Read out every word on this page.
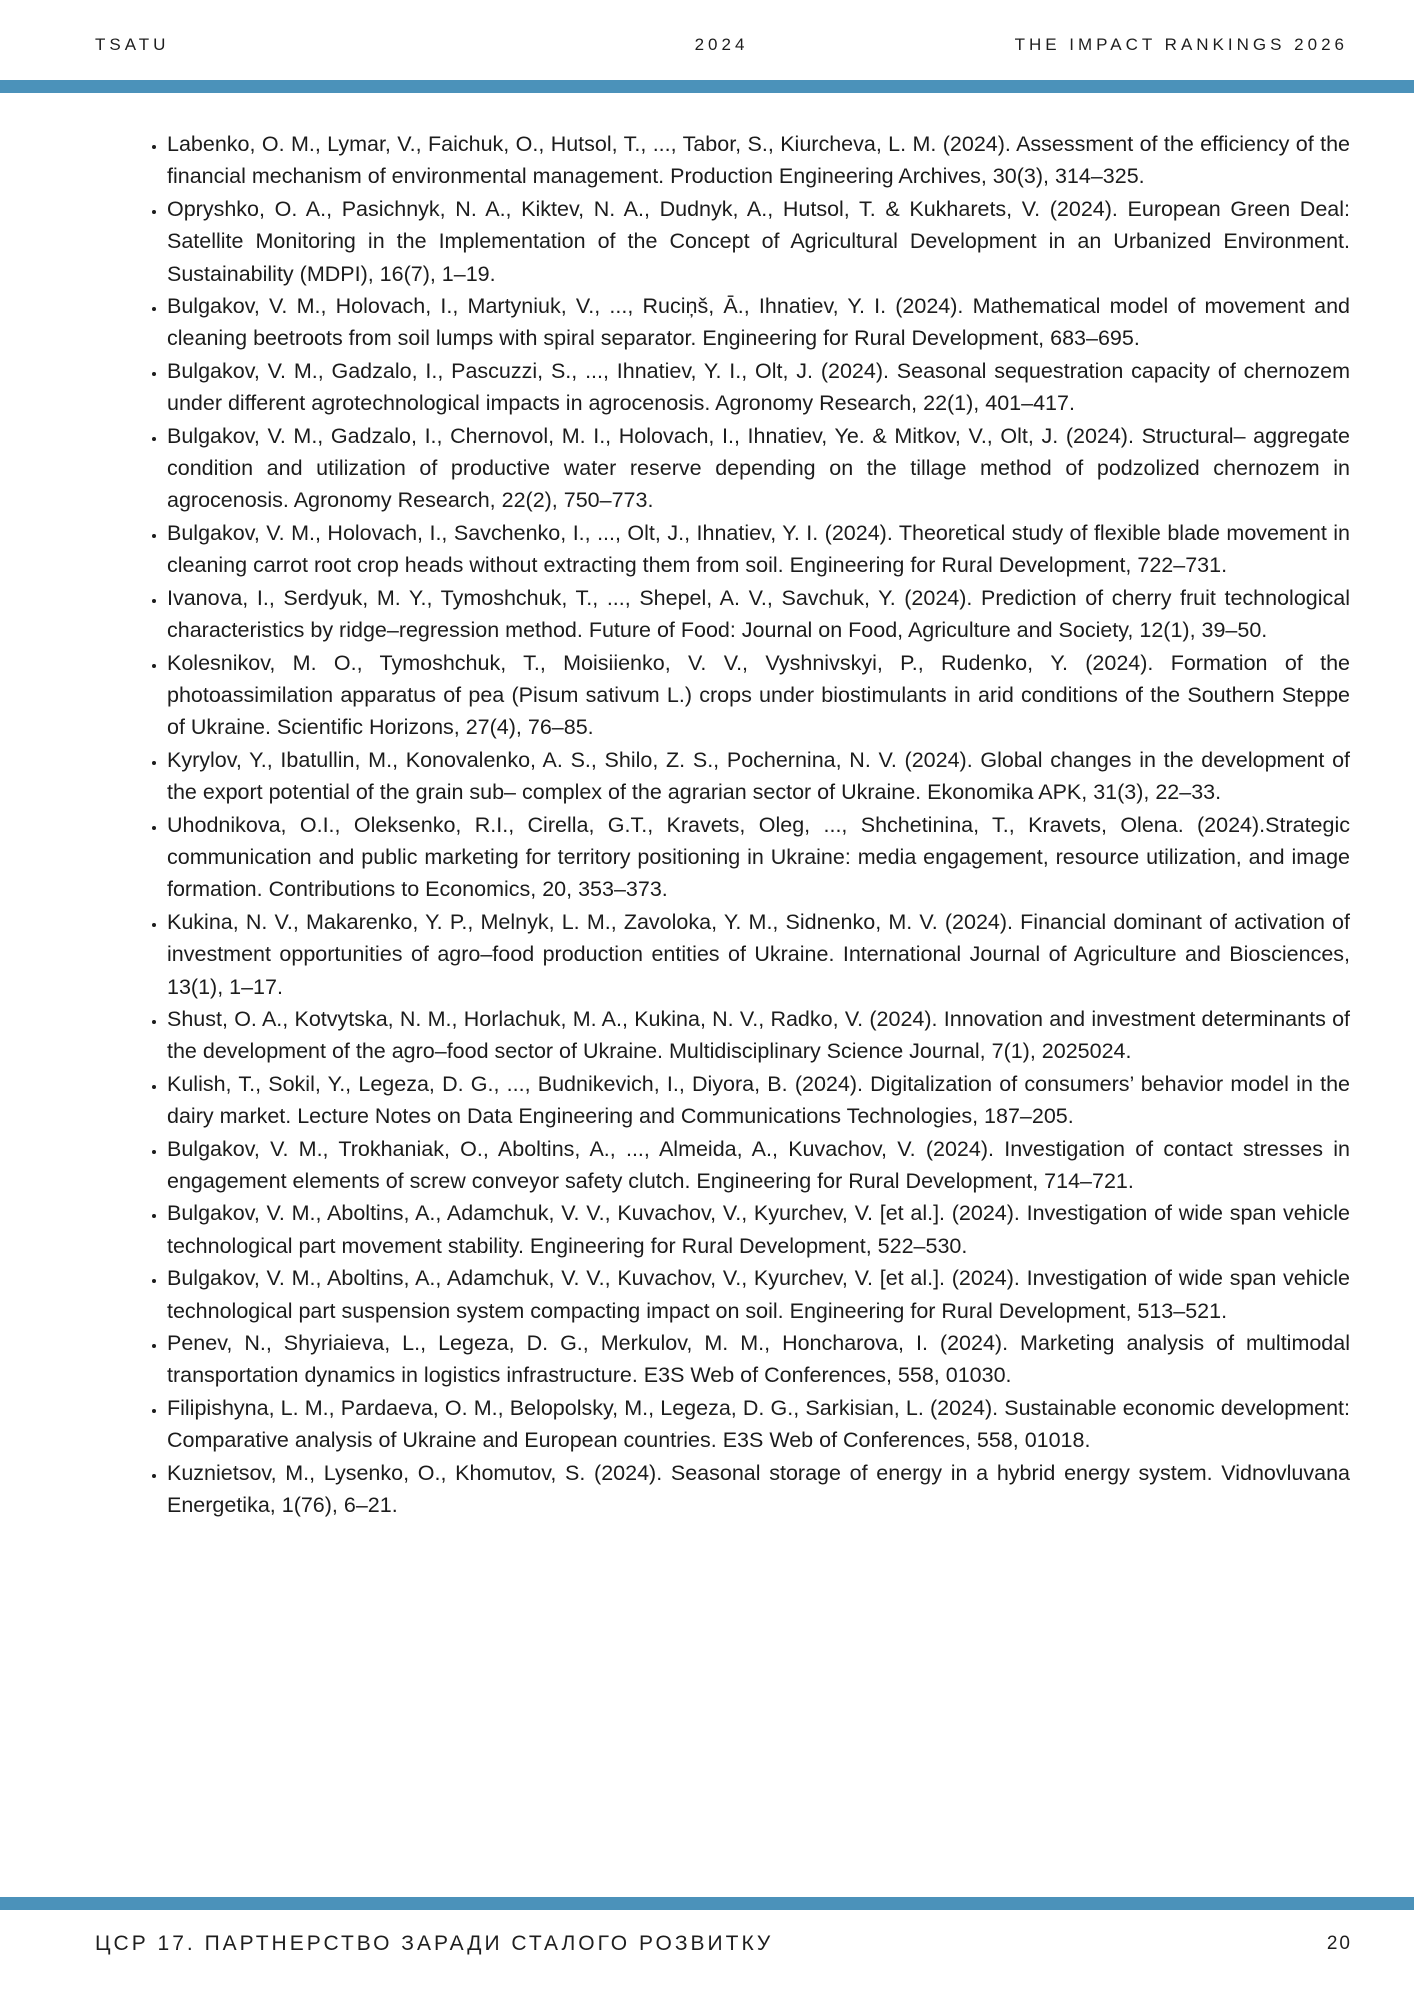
TSATU	2024	THE IMPACT RANKINGS 2026
• Labenko, O. M., Lymar, V., Faichuk, O., Hutsol, T., ..., Tabor, S., Kiurcheva, L. M. (2024). Assessment of the efficiency of the financial mechanism of environmental management. Production Engineering Archives, 30(3), 314–325.
• Opryshko, O. A., Pasichnyk, N. A., Kiktev, N. A., Dudnyk, A., Hutsol, T. & Kukharets, V. (2024). European Green Deal: Satellite Monitoring in the Implementation of the Concept of Agricultural Development in an Urbanized Environment. Sustainability (MDPI), 16(7), 1–19.
• Bulgakov, V. M., Holovach, I., Martyniuk, V., ..., Ruciņš, Ā., Ihnatiev, Y. I. (2024). Mathematical model of movement and cleaning beetroots from soil lumps with spiral separator. Engineering for Rural Development, 683–695.
• Bulgakov, V. M., Gadzalo, I., Pascuzzi, S., ..., Ihnatiev, Y. I., Olt, J. (2024). Seasonal sequestration capacity of chernozem under different agrotechnological impacts in agrocenosis. Agronomy Research, 22(1), 401–417.
• Bulgakov, V. M., Gadzalo, I., Chernovol, M. I., Holovach, I., Ihnatiev, Ye. & Mitkov, V., Olt, J. (2024). Structural– aggregate condition and utilization of productive water reserve depending on the tillage method of podzolized chernozem in agrocenosis. Agronomy Research, 22(2), 750–773.
• Bulgakov, V. M., Holovach, I., Savchenko, I., ..., Olt, J., Ihnatiev, Y. I. (2024). Theoretical study of flexible blade movement in cleaning carrot root crop heads without extracting them from soil. Engineering for Rural Development, 722–731.
• Ivanova, I., Serdyuk, M. Y., Tymoshchuk, T., ..., Shepel, A. V., Savchuk, Y. (2024). Prediction of cherry fruit technological characteristics by ridge–regression method. Future of Food: Journal on Food, Agriculture and Society, 12(1), 39–50.
• Kolesnikov, M. O., Tymoshchuk, T., Moisiienko, V. V., Vyshnivskyi, P., Rudenkо, Y. (2024). Formation of the photoassimilation apparatus of pea (Pisum sativum L.) crops under biostimulants in arid conditions of the Southern Steppe of Ukraine. Scientific Horizons, 27(4), 76–85.
• Kyrylov, Y., Ibatullin, M., Konovalenko, A. S., Shilo, Z. S., Pochernina, N. V. (2024). Global changes in the development of the export potential of the grain sub– complex of the agrarian sector of Ukraine. Ekonomika APK, 31(3), 22–33.
• Uhodnikova, O.I., Oleksenko, R.I., Cirella, G.T., Kravets, Oleg, ..., Shchetinina, T., Kravets, Olena. (2024).Strategic communication and public marketing for territory positioning in Ukraine: media engagement, resource utilization, and image formation. Contributions to Economics, 20, 353–373.
• Kukina, N. V., Makarenko, Y. P., Melnyk, L. M., Zavoloka, Y. M., Sidnenko, M. V. (2024). Financial dominant of activation of investment opportunities of agro–food production entities of Ukraine. International Journal of Agriculture and Biosciences, 13(1), 1–17.
• Shust, O. A., Kotvytska, N. M., Horlachuk, M. A., Kukina, N. V., Radko, V. (2024). Innovation and investment determinants of the development of the agro–food sector of Ukraine. Multidisciplinary Science Journal, 7(1), 2025024.
• Kulish, T., Sokil, Y., Legeza, D. G., ..., Budnikevich, I., Diyora, B. (2024). Digitalization of consumers’ behavior model in the dairy market. Lecture Notes on Data Engineering and Communications Technologies, 187–205.
• Bulgakov, V. M., Trokhaniak, O., Aboltins, A., ..., Almeida, A., Kuvachоv, V. (2024). Investigation of contact stresses in engagement elements of screw conveyor safety clutch. Engineering for Rural Development, 714–721.
• Bulgakov, V. M., Aboltins, A., Adamchuk, V. V., Kuvachоv, V., Kyurchev, V. [et al.]. (2024). Investigation of wide span vehicle technological part movement stability. Engineering for Rural Development, 522–530.
• Bulgakov, V. M., Aboltins, A., Adamchuk, V. V., Kuvachоv, V., Kyurchev, V. [et al.]. (2024). Investigation of wide span vehicle technological part suspension system compacting impact on soil. Engineering for Rural Development, 513–521.
• Penev, N., Shyriaieva, L., Legeza, D. G., Merkulov, M. M., Honcharova, I. (2024). Marketing analysis of multimodal transportation dynamics in logistics infrastructure. E3S Web of Conferences, 558, 01030.
• Filipishyna, L. M., Pardaeva, O. M., Belopolsky, M., Legeza, D. G., Sarkisian, L. (2024). Sustainable economic development: Comparative analysis of Ukraine and European countries. E3S Web of Conferences, 558, 01018.
• Kuznietsov, M., Lysenko, O., Khomutov, S. (2024). Seasonal storage of energy in a hybrid energy system. Vidnovluvana Energetika, 1(76), 6–21.
ЦСР 17. ПАРТНЕРСТВО ЗАРАДИ СТАЛОГО РОЗВИТКУ	20
